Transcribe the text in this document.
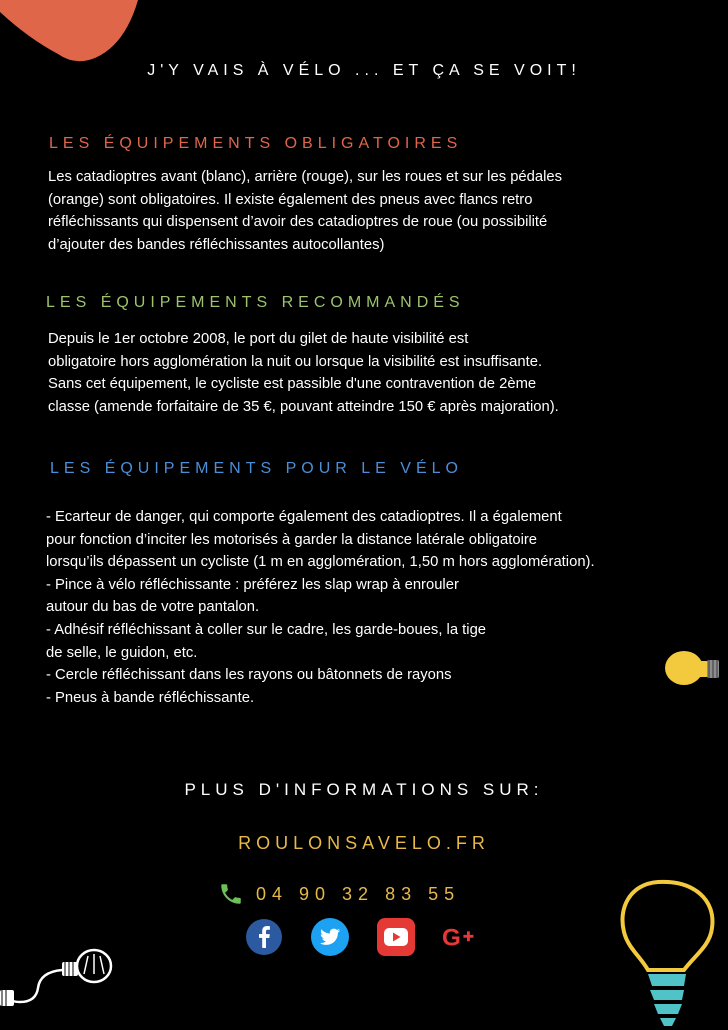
J'Y VAIS À VÉLO ... ET ÇA SE VOIT!
LES ÉQUIPEMENTS OBLIGATOIRES
Les catadioptres avant (blanc), arrière (rouge), sur les roues et sur les pédales
(orange) sont obligatoires. Il existe également des pneus avec flancs retro
réfléchissants qui dispensent d’avoir des catadioptres de roue (ou possibilité
d’ajouter des bandes réfléchissantes autocollantes)
LES ÉQUIPEMENTS RECOMMANDÉS
Depuis le 1er octobre 2008, le port du gilet de haute visibilité est
obligatoire hors agglomération la nuit ou lorsque la visibilité est insuffisante.
Sans cet équipement, le cycliste est passible d'une contravention de 2ème
classe (amende forfaitaire de 35 €, pouvant atteindre 150 € après majoration).
LES ÉQUIPEMENTS POUR LE VÉLO
- Ecarteur de danger, qui comporte également des catadioptres. Il a également
pour fonction d’inciter les motorisés à garder la distance latérale obligatoire
lorsqu’ils dépassent un cycliste (1 m en agglomération, 1,50 m hors agglomération).
- Pince à vélo réfléchissante : préférez les slap wrap à enrouler
autour du bas de votre pantalon.
- Adhésif réfléchissant à coller sur le cadre, les garde-boues, la tige
de selle, le guidon, etc.
- Cercle réfléchissant dans les rayons ou bâtonnets de rayons
- Pneus à bande réfléchissante.
PLUS D'INFORMATIONS SUR:
ROULONSAVELO.FR
04 90 32 83 55
G
